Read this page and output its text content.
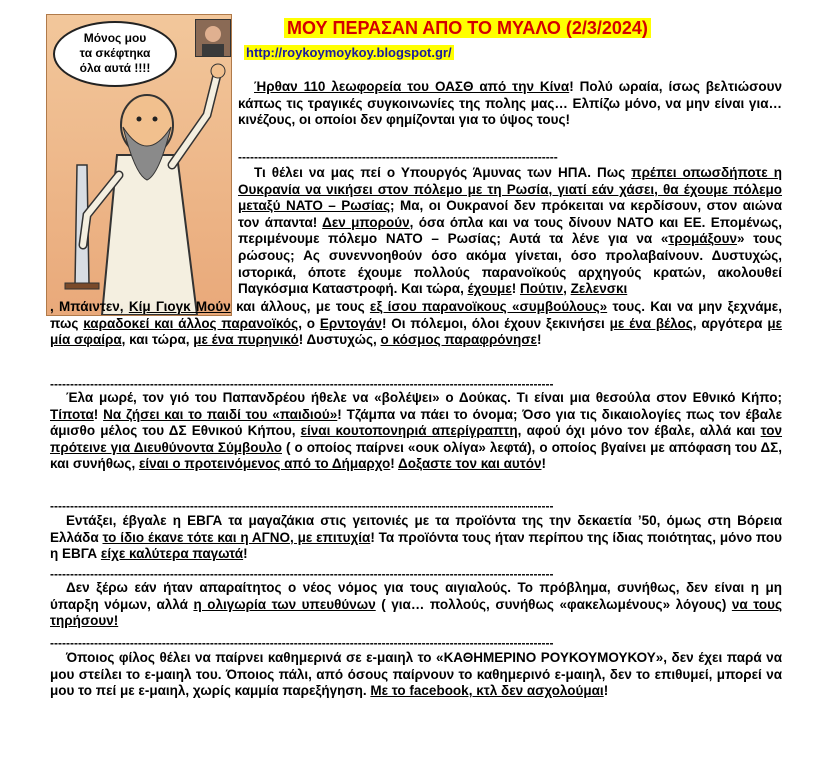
Μόνος μου
τα σκέφτηκα
όλα αυτά !!!!
ΜΟΥ ΠΕΡΑΣΑΝ ΑΠΟ ΤΟ ΜΥΑΛΟ (2/3/2024)
http://roykoymoykoy.blogspot.gr/
Ήρθαν 110 λεωφορεία του ΟΑΣΘ από την Κίνα! Πολύ ωραία, ίσως βελτιώσουν κάπως τις τραγικές συγκοινωνίες της πολης μας… Ελπίζω μόνο, να μην είναι για… κινέζους, οι οποίοι δεν φημίζονται για το ύψος τους!
--------------------------------------------------------------------------------
Τι θέλει να μας πεί ο Υπουργός Άμυνας των ΗΠΑ. Πως πρέπει οπωσδήποτε η Ουκρανία να νικήσει στον πόλεμο με τη Ρωσία, γιατί εάν χάσει, θα έχουμε πόλεμο μεταξύ ΝΑΤΟ – Ρωσίας; Μα, οι Ουκρανοί δεν πρόκειται να κερδίσουν, στον αιώνα τον άπαντα! Δεν μπορούν, όσα όπλα και να τους δίνουν ΝΑΤΟ και ΕΕ. Επομένως, περιμένουμε πόλεμο ΝΑΤΟ – Ρωσίας; Αυτά τα λένε για να «τρομάξουν» τους ρώσους; Ας συνεννοηθούν όσο ακόμα γίνεται, όσο προλαβαίνουν. Δυστυχώς, ιστορικά, όποτε έχουμε πολλούς παρανοϊκούς αρχηγούς κρατών, ακολουθεί Παγκόσμια Καταστροφή. Και τώρα, έχουμε! Πούτιν, Ζελενσκι
, Μπάιντεν, Κίμ Γιογκ Μούν και άλλους, με τους εξ ίσου παρανοϊκους «συμβούλους» τους. Και να μην ξεχνάμε, πως καραδοκεί και άλλος παρανοϊκός, ο Ερντογάν! Οι πόλεμοι, όλοι έχουν ξεκινήσει με ένα βέλος, αργότερα με μία σφαίρα, και τώρα, με ένα πυρηνικό! Δυστυχώς, ο κόσμος παραφρόνησε!
------------------------------------------------------------------------------------------------------------------------------
Έλα μωρέ, τον γιό του Παπανδρέου ήθελε να «βολέψει» ο Δούκας. Τι είναι μια θεσούλα στον Εθνικό Κήπο; Τίποτα! Να ζήσει και το παιδί του «παιδιού»! Τζάμπα να πάει το όνομα; Όσο για τις δικαιολογίες πως τον έβαλε άμισθο μέλος του ΔΣ Εθνικού Κήπου, είναι κουτοπονηριά απερίγραπτη, αφού όχι μόνο τον έβαλε, αλλά και τον πρότεινε για Διευθύνοντα Σύμβουλο ( ο οποίος παίρνει «ουκ ολίγα» λεφτά), ο οποίος βγαίνει με απόφαση του ΔΣ, και συνήθως, είναι ο προτεινόμενος από το Δήμαρχο! Δοξαστε τον και αυτόν!
------------------------------------------------------------------------------------------------------------------------------
Εντάξει, έβγαλε η ΕΒΓΑ τα μαγαζάκια στις γειτονιές με τα προϊόντα της την δεκαετία ’50, όμως στη Βόρεια Ελλάδα το ίδιο έκανε τότε και η ΑΓΝΟ, με επιτυχία! Τα προϊόντα τους ήταν περίπου της ίδιας ποιότητας, μόνο που η ΕΒΓΑ είχε καλύτερα παγωτά!
------------------------------------------------------------------------------------------------------------------------------
Δεν ξέρω εάν ήταν απαραίτητος ο νέος νόμος για τους αιγιαλούς. Το πρόβλημα, συνήθως, δεν είναι η μη ύπαρξη νόμων, αλλά η ολιγωρία των υπευθύνων ( για… πολλούς, συνήθως «φακελωμένους» λόγους) να τους τηρήσουν!
------------------------------------------------------------------------------------------------------------------------------
Όποιος φίλος θέλει να παίρνει καθημερινά σε ε-μαιηλ το «ΚΑΘΗΜΕΡΙΝΟ ΡΟΥΚΟΥΜΟΥΚΟΥ», δεν έχει παρά να μου στείλει το ε-μαιηλ του. Όποιος πάλι, από όσους παίρνουν το καθημερινό ε-μαιηλ, δεν το επιθυμεί, μπορεί να μου το πεί με ε-μαιηλ, χωρίς καμμία παρεξήγηση. Με το facebook, κτλ δεν ασχολούμαι!
